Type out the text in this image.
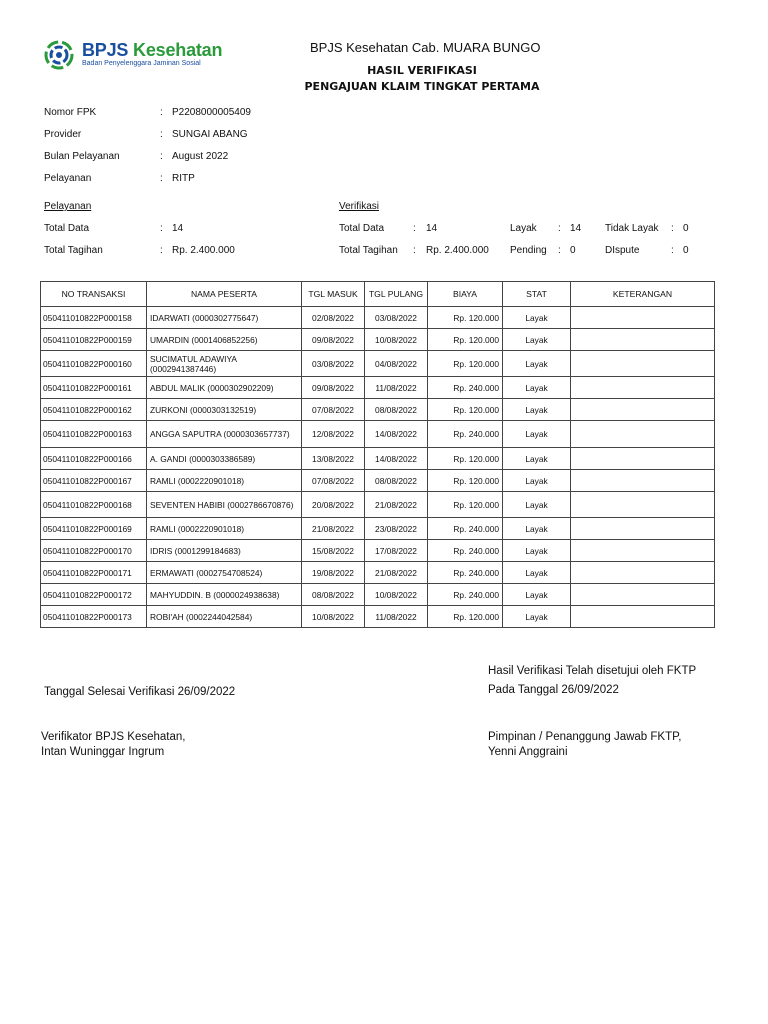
BPJS Kesehatan
Badan Penyelenggara Jaminan Sosial
BPJS Kesehatan Cab. MUARA BUNGO
HASIL VERIFIKASI
PENGAJUAN KLAIM TINGKAT PERTAMA
Nomor FPK	: P2208000005409
Provider	: SUNGAI ABANG
Bulan Pelayanan	: August 2022
Pelayanan	: RITP
Pelayanan	Verifikasi
Total Data	: 14	Total Data	: 14	Layak : 14 Tidak Layak : 0
Total Tagihan	: Rp. 2.400.000	Total Tagihan : Rp. 2.400.000 Pending : 0	DIspute	: 0
NO TRANSAKSI	NAMA PESERTA	TGL MASUK	TGL PULANG	BIAYA	STAT	KETERANGAN
050411010822P000158	IDARWATI (0000302775647)	02/08/2022	03/08/2022	Rp. 120.000	Layak	
050411010822P000159	UMARDIN (0001406852256)	09/08/2022	10/08/2022	Rp. 120.000	Layak	
050411010822P000160	SUCIMATUL ADAWIYA (0002941387446)	03/08/2022	04/08/2022	Rp. 120.000	Layak	
050411010822P000161	ABDUL MALIK (0000302902209)	09/08/2022	11/08/2022	Rp. 240.000	Layak	
050411010822P000162	ZURKONI (0000303132519)	07/08/2022	08/08/2022	Rp. 120.000	Layak	
050411010822P000163	ANGGA SAPUTRA (0000303657737)	12/08/2022	14/08/2022	Rp. 240.000	Layak	
050411010822P000166	A. GANDI (0000303386589)	13/08/2022	14/08/2022	Rp. 120.000	Layak	
050411010822P000167	RAMLI (0002220901018)	07/08/2022	08/08/2022	Rp. 120.000	Layak	
050411010822P000168	SEVENTEN HABIBI (0002786670876)	20/08/2022	21/08/2022	Rp. 120.000	Layak	
050411010822P000169	RAMLI (0002220901018)	21/08/2022	23/08/2022	Rp. 240.000	Layak	
050411010822P000170	IDRIS (0001299184683)	15/08/2022	17/08/2022	Rp. 240.000	Layak	
050411010822P000171	ERMAWATI (0002754708524)	19/08/2022	21/08/2022	Rp. 240.000	Layak	
050411010822P000172	MAHYUDDIN. B (0000024938638)	08/08/2022	10/08/2022	Rp. 240.000	Layak	
050411010822P000173	ROBI'AH (0002244042584)	10/08/2022	11/08/2022	Rp. 120.000	Layak	
Hasil Verifikasi Telah disetujui oleh FKTP
Pada Tanggal 26/09/2022
Tanggal Selesai Verifikasi 26/09/2022
Verifikator BPJS Kesehatan,
Intan Wuninggar Ingrum
Pimpinan / Penanggung Jawab FKTP,
Yenni Anggraini
